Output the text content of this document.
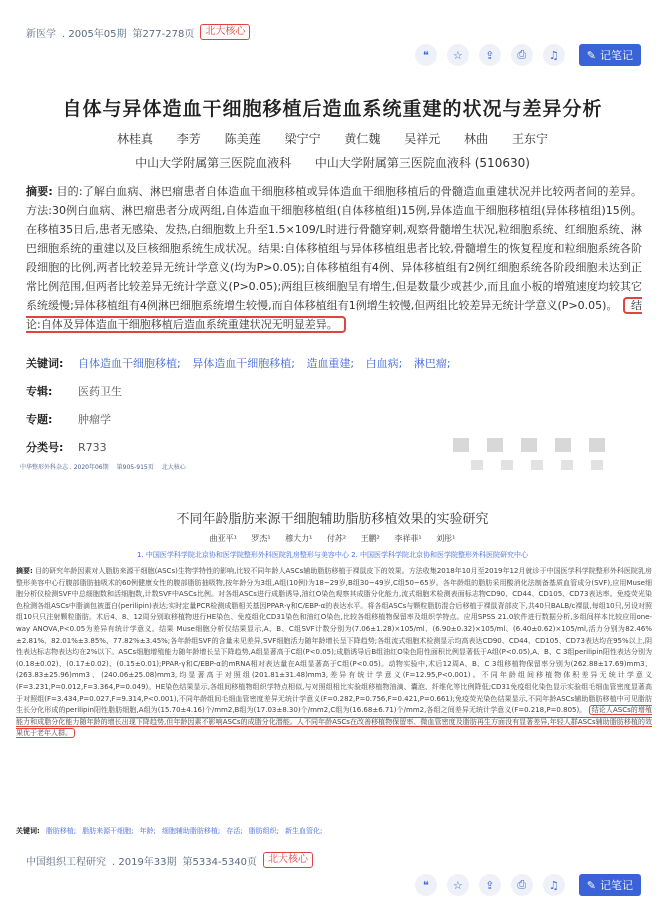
新医学 . 2005年05期 第277-278页	北大核心
❝	☆	⇪	⎙	♫	✎ 记笔记
自体与异体造血干细胞移植后造血系统重建的状况与差异分析
林桂真 李芳 陈美莲 梁宁宁 黄仁魏 吴祥元 林曲 王东宁
中山大学附属第三医院血液科 中山大学附属第三医院血液科 (510630)
摘要: 目的:了解白血病、淋巴瘤患者自体造血干细胞移植或异体造血干细胞移植后的骨髓造血重建状况并比较两者间的差异。方法:30例白血病、淋巴瘤患者分成两组,自体造血干细胞移植组(自体移植组)15例,异体造血干细胞移植组(异体移植组)15例。在移植35日后,患者无感染、发热,白细胞数上升至1.5×109/L时进行骨髓穿刺,观察骨髓增生状况,粒细胞系统、红细胞系统、淋巴细胞系统的重建以及巨核细胞系统生成状况。结果:自体移植组与异体移植组患者比较,骨髓增生的恢复程度和粒细胞系统各阶段细胞的比例,两者比较差异无统计学意义(均为P>0.05);自体移植组有4例、异体移植组有2例红细胞系统各阶段细胞未达到正常比例范围,但两者比较差异无统计学意义(P>0.05);两组巨核细胞呈有增生,但是数量少或甚少,而且血小板的增殖速度均较其它系统缓慢;异体移植组有4例淋巴细胞系统增生较慢,而自体移植组有1例增生较慢,但两组比较差异无统计学意义(P>0.05)。 结论:自体及异体造血干细胞移植后造血系统重建状况无明显差异。
关键词:	自体造血干细胞移植; 异体造血干细胞移植; 造血重建; 白血病; 淋巴瘤;
专辑:	医药卫生
专题:	肿瘤学
分类号:	R733
中华整形外科杂志 . 2020年06期 第905-915页 北大核心
不同年龄脂肪来源干细胞辅助脂肪移植效果的实验研究
曲亚平¹ 罗杰¹ 穆大力¹ 付苏² 王鹏² 李祥菲¹ 刘彤¹
1. 中国医学科学院北京协和医学院整形外科医院乳房整形与美容中心 2. 中国医学科学院北京协和医学院整形外科医院研究中心
摘要: 目的研究年龄因素对人脂肪来源干细胞(ASCs)生物学特性的影响,比较不同年龄人ASCs辅助脂肪移植于裸鼠皮下的效果。方法收集2018年10月至2019年12月就诊于中国医学科学院整形外科医院乳房整形美容中心行腹部脂肪抽吸术的60例健康女性的腹部脂肪抽吸物,按年龄分为3组,A组(10例)为18~29岁,B组30~49岁,C组50~65岁。各年龄组的脂肪采用酸消化法制备基质血管成分(SVF),应用Muse细胞分析仪检测SVF中总细胞数和活细胞数,计数SVF中ASCs比例。对各组ASCs进行成脂诱导,油红O染色观察其成脂分化能力,流式细胞术检测表面标志物CD90、CD44、CD105、CD73表达率。免疫荧光染色检测各组ASCs中脂滴包被蛋白(perilipin)表达;实时定量PCR检测成脂相关基因PPAR-γ和C/EBP-α的表达水平。将各组ASCs与颗粒脂肪混合后移植于裸鼠背部皮下,共40只BALB/c裸鼠,每组10只,另设对照组10只只注射颗粒脂肪。术后4、8、12周分别取移植物进行HE染色、免疫组化CD31染色和油红O染色,比较各组移植物保留率及组织学特点。应用SPSS 21.0软件进行数据分析,多组间样本比较应用one-way ANOVA,P<0.05为差异有统计学意义。结果 Muse细胞分析仪结果显示,A、B、C组SVF计数分别为(7.06±1.28)×105/ml、(6.90±0.32)×105/ml、(6.40±0.62)×105/ml,活力分别为82.46%±2.81%、82.01%±3.85%、77.82%±3.45%;各年龄组SVF的含量未见差异,SVF细胞活力随年龄增长呈下降趋势;各组流式细胞术检测显示均高表达CD90、CD44、CD105、CD73表达均在95%以上,阴性表达标志物表达均在2%以下。ASCs细胞增殖能力随年龄增长呈下降趋势,A组显著高于C组(P<0.05);成脂诱导后B组油红O染色阳性面积比例显著低于A组(P<0.05),A、B、C 3组perilipin阳性表达分别为(0.18±0.02)、(0.17±0.02)、(0.15±0.01);PPAR-γ和C/EBP-α的mRNA相对表达量在A组显著高于C组(P<0.05)。动物实验中,术后12周A、B、C 3组移植物保留率分别为(262.88±17.69)mm3、(263.83±25.96)mm3、(240.06±25.08)mm3,均显著高于对照组(201.81±31.48)mm3,差异有统计学意义(F=12.95,P<0.001)。不同年龄组间移植物体积差异无统计学意义(F=3.231,P=0.012,F=3.364,P=0.049)。HE染色结果显示,各组间移植物组织学特点相似,与对照组相比实验组移植物油滴、囊泡、纤维化等比例降低;CD31免疫组化染色显示实验组毛细血管密度显著高于对照组(F=3.434,P=0.027,F=9.314,P<0.001),不同年龄组间毛细血管密度差异无统计学意义(F=0.282,P=0.756,F=0.421,P=0.661);免疫荧光染色结果显示,不同年龄ASCs辅助脂肪移植中可见脂肪生长分化形成的perilipin阳性脂肪细胞,A组为(15.70±4.16)个/mm2,B组为(17.03±8.30)个/mm2,C组为(16.68±6.71)个/mm2,各组之间差异无统计学意义(F=0.218,P=0.805)。 结论人ASCs的增殖能力和成脂分化能力随年龄的增长出现下降趋势,但年龄因素不影响ASCs的成脂分化潜能。人不同年龄ASCs在改善移植物保留率、微血管密度及脂肪再生方面没有显著差异,年轻人群ASCs辅助脂肪移植的效果优于老年人群。
关键词: 脂肪移植; 脂肪来源干细胞; 年龄; 细胞辅助脂肪移植; 存活; 脂肪组织; 新生血管化;
中国组织工程研究 . 2019年33期 第5334-5340页	北大核心
❝	☆	⇪	⎙	♫	✎ 记笔记
